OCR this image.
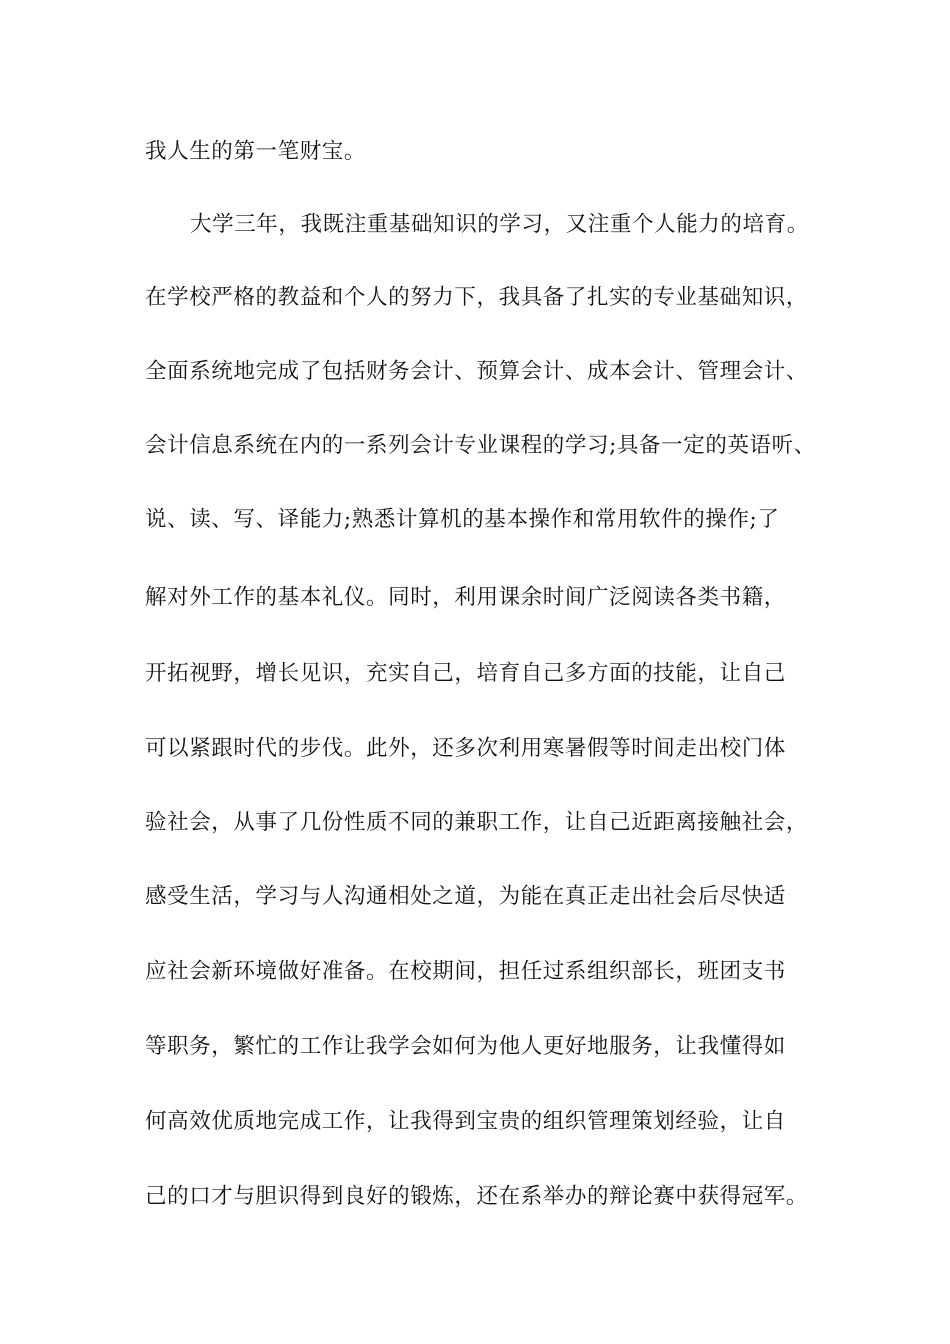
我人生的第一笔财宝。
大学三年，我既注重基础知识的学习，又注重个人能力的培育。
在学校严格的教益和个人的努力下，我具备了扎实的专业基础知识，
全面系统地完成了包括财务会计、预算会计、成本会计、管理会计、
会计信息系统在内的一系列会计专业课程的学习;具备一定的英语听、
说、读、写、译能力;熟悉计算机的基本操作和常用软件的操作;了
解对外工作的基本礼仪。同时，利用课余时间广泛阅读各类书籍，
开拓视野，增长见识，充实自己，培育自己多方面的技能，让自己
可以紧跟时代的步伐。此外，还多次利用寒暑假等时间走出校门体
验社会，从事了几份性质不同的兼职工作，让自己近距离接触社会，
感受生活，学习与人沟通相处之道，为能在真正走出社会后尽快适
应社会新环境做好准备。在校期间，担任过系组织部长，班团支书
等职务，繁忙的工作让我学会如何为他人更好地服务，让我懂得如
何高效优质地完成工作，让我得到宝贵的组织管理策划经验，让自
己的口才与胆识得到良好的锻炼，还在系举办的辩论赛中获得冠军。
